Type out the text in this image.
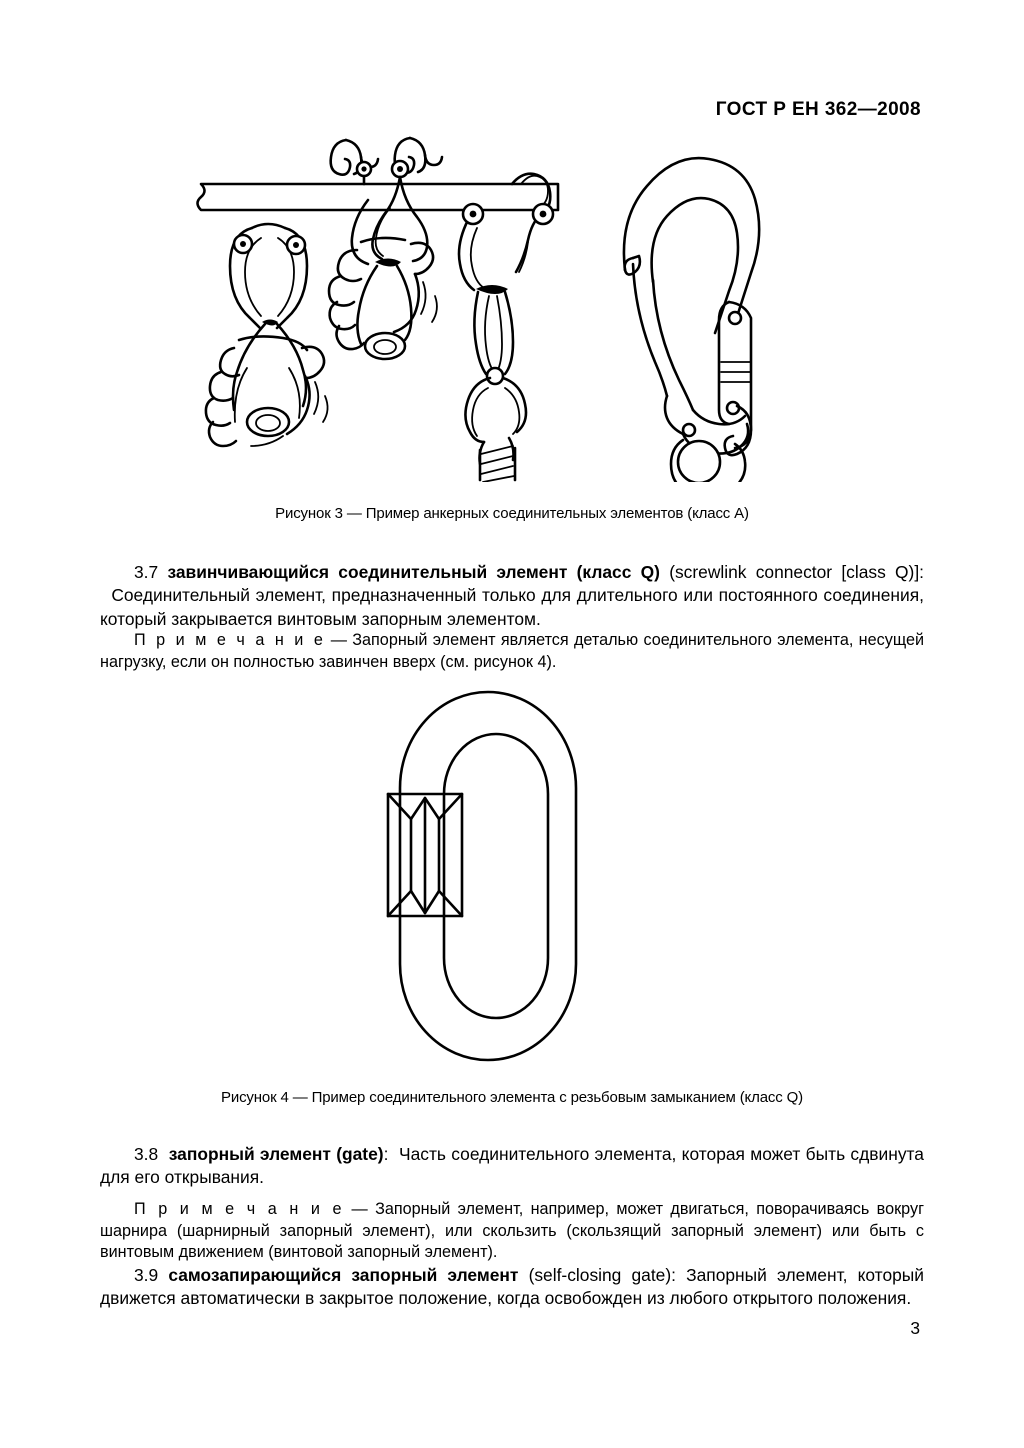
ГОСТ Р ЕН 362—2008
Рисунок 3 — Пример анкерных соединительных элементов (класс А)
3.7 завинчивающийся соединительный элемент (класс Q) (screwlink connector [class Q)]:  Соединительный элемент, предназначенный только для длительного или постоянного соединения, который закрывается винтовым запорным элементом.
П р и м е ч а н и е — Запорный элемент является деталью соединительного элемента, несущей нагрузку, если он полностью завинчен вверх (см. рисунок 4).
Рисунок 4 — Пример соединительного элемента с резьбовым замыканием (класс Q)
3.8 запорный элемент (gate): Часть соединительного элемента, которая может быть сдвинута для его открывания.
П р и м е ч а н и е — Запорный элемент, например, может двигаться, поворачиваясь вокруг шарнира (шарнирный запорный элемент), или скользить (скользящий запорный элемент) или быть с винтовым движением (винтовой запорный элемент).
3.9 самозапирающийся запорный элемент (self-closing gate): Запорный элемент, который движется автоматически в закрытое положение, когда освобожден из любого открытого положения.
3
